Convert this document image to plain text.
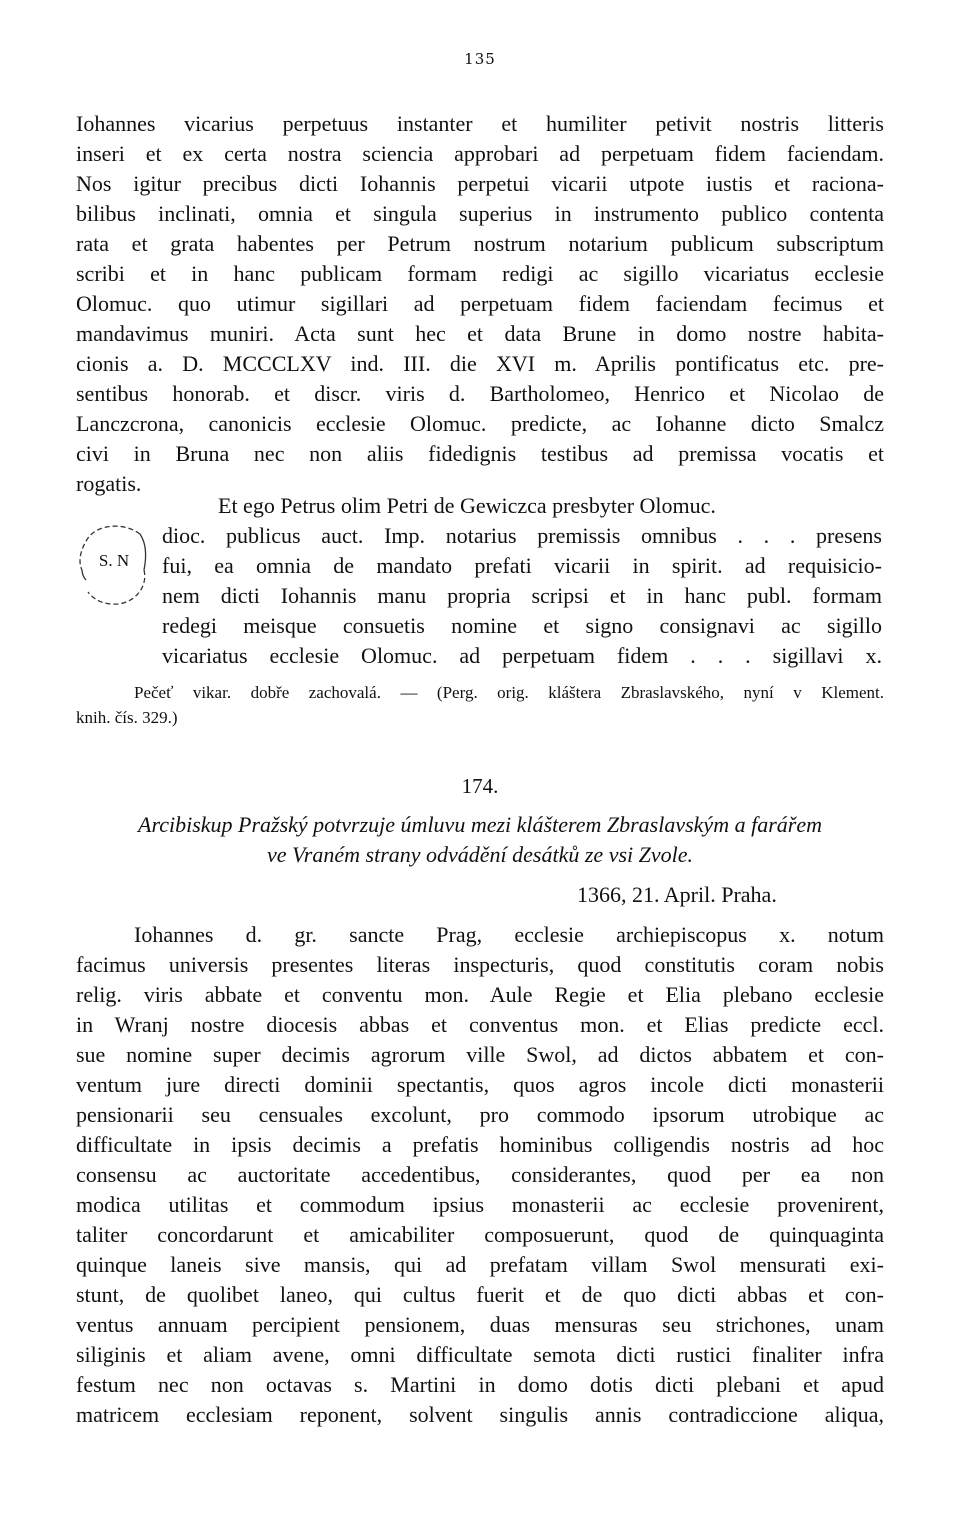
135
Iohannes vicarius perpetuus instanter et humiliter petivit nostris litteris
inseri et ex certa nostra sciencia approbari ad perpetuam fidem faciendam.
Nos igitur precibus dicti Iohannis perpetui vicarii utpote iustis et raciona-
bilibus inclinati, omnia et singula superius in instrumento publico contenta
rata et grata habentes per Petrum nostrum notarium publicum subscriptum
scribi et in hanc publicam formam redigi ac sigillo vicariatus ecclesie
Olomuc. quo utimur sigillari ad perpetuam fidem faciendam fecimus et
mandavimus muniri. Acta sunt hec et data Brune in domo nostre habita-
cionis a. D. MCCCLXV ind. III. die XVI m. Aprilis pontificatus etc. pre-
sentibus honorab. et discr. viris d. Bartholomeo, Henrico et Nicolao de
Lanczcrona, canonicis ecclesie Olomuc. predicte, ac Iohanne dicto Smalcz
civi in Bruna nec non aliis fidedignis testibus ad premissa vocatis et
rogatis.
S. N
Et ego Petrus olim Petri de Gewiczca presbyter Olomuc.
dioc. publicus auct. Imp. notarius premissis omnibus . . . presens
fui, ea omnia de mandato prefati vicarii in spirit. ad requisicio-
nem dicti Iohannis manu propria scripsi et in hanc publ. formam
redegi meisque consuetis nomine et signo consignavi ac sigillo
vicariatus ecclesie Olomuc. ad perpetuam fidem . . . sigillavi x.
Pečeť vikar. dobře zachovalá. — (Perg. orig. kláštera Zbraslavského, nyní v Klement.
knih. čís. 329.)
174.
Arcibiskup Pražský potvrzuje úmluvu mezi klášterem Zbraslavským a farářem
ve Vraném strany odvádění desátků ze vsi Zvole.
1366, 21. April. Praha.
Iohannes d. gr. sancte Prag, ecclesie archiepiscopus x. notum
facimus universis presentes literas inspecturis, quod constitutis coram nobis
relig. viris abbate et conventu mon. Aule Regie et Elia plebano ecclesie
in Wranj nostre diocesis abbas et conventus mon. et Elias predicte eccl.
sue nomine super decimis agrorum ville Swol, ad dictos abbatem et con-
ventum jure directi dominii spectantis, quos agros incole dicti monasterii
pensionarii seu censuales excolunt, pro commodo ipsorum utrobique ac
difficultate in ipsis decimis a prefatis hominibus colligendis nostris ad hoc
consensu ac auctoritate accedentibus, considerantes, quod per ea non
modica utilitas et commodum ipsius monasterii ac ecclesie provenirent,
taliter concordarunt et amicabiliter composuerunt, quod de quinquaginta
quinque laneis sive mansis, qui ad prefatam villam Swol mensurati exi-
stunt, de quolibet laneo, qui cultus fuerit et de quo dicti abbas et con-
ventus annuam percipient pensionem, duas mensuras seu strichones, unam
siliginis et aliam avene, omni difficultate semota dicti rustici finaliter infra
festum nec non octavas s. Martini in domo dotis dicti plebani et apud
matricem ecclesiam reponent, solvent singulis annis contradiccione aliqua,
